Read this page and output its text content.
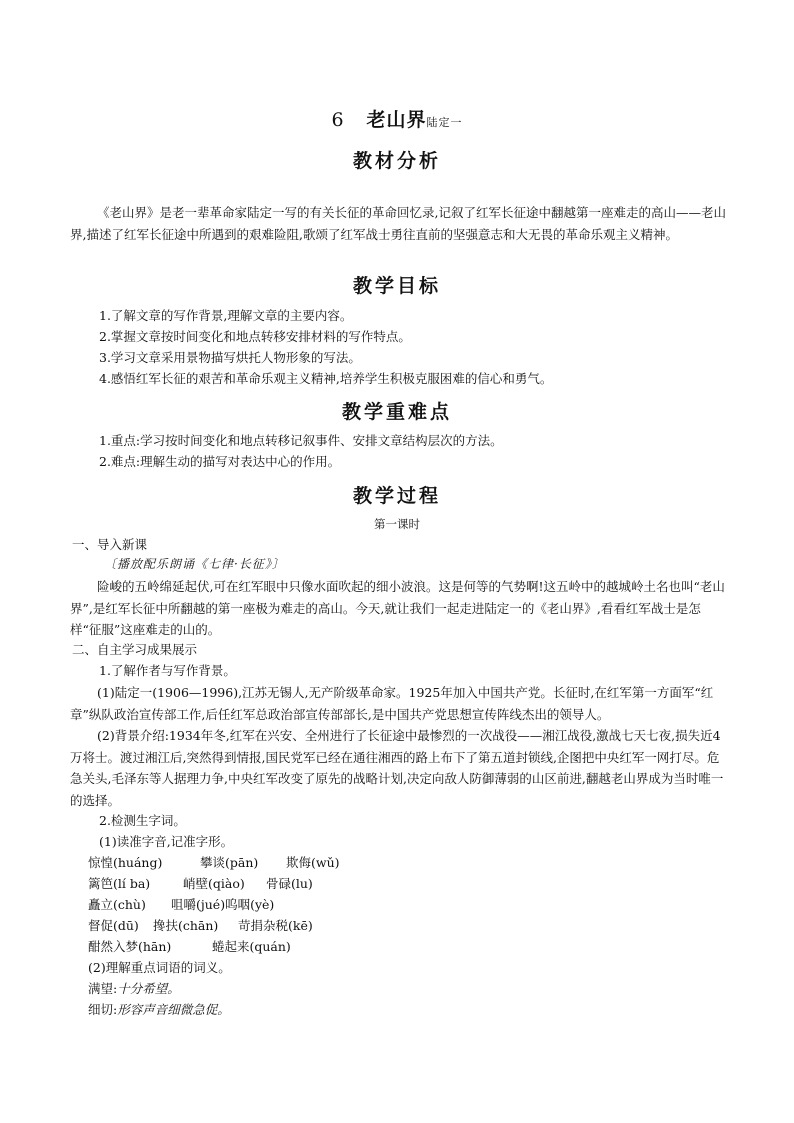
6 老山界陆定一
教材分析
《老山界》是老一辈革命家陆定一写的有关长征的革命回忆录,记叙了红军长征途中翻越第一座难走的高山——老山界,描述了红军长征途中所遇到的艰难险阻,歌颂了红军战士勇往直前的坚强意志和大无畏的革命乐观主义精神。
教学目标
1.了解文章的写作背景,理解文章的主要内容。
2.掌握文章按时间变化和地点转移安排材料的写作特点。
3.学习文章采用景物描写烘托人物形象的写法。
4.感悟红军长征的艰苦和革命乐观主义精神,培养学生积极克服困难的信心和勇气。
教学重难点
1.重点:学习按时间变化和地点转移记叙事件、安排文章结构层次的方法。
2.难点:理解生动的描写对表达中心的作用。
教学过程
第一课时
一、导入新课
〔播放配乐朗诵《七律·长征》〕
险峻的五岭绵延起伏,可在红军眼中只像水面吹起的细小波浪。这是何等的气势啊!这五岭中的越城岭土名也叫“老山界”,是红军长征中所翻越的第一座极为难走的高山。今天,就让我们一起走进陆定一的《老山界》,看看红军战士是怎样“征服”这座难走的山的。
二、自主学习成果展示
1.了解作者与写作背景。
(1)陆定一(1906—1996),江苏无锡人,无产阶级革命家。1925年加入中国共产党。长征时,在红军第一方面军“红章”纵队政治宣传部工作,后任红军总政治部宣传部部长,是中国共产党思想宣传阵线杰出的领导人。
(2)背景介绍:1934年冬,红军在兴安、全州进行了长征途中最惨烈的一次战役——湘江战役,激战七天七夜,损失近4万将士。渡过湘江后,突然得到情报,国民党军已经在通往湘西的路上布下了第五道封锁线,企图把中央红军一网打尽。危急关头,毛泽东等人据理力争,中央红军改变了原先的战略计划,决定向敌人防御薄弱的山区前进,翻越老山界成为当时唯一的选择。
2.检测生字词。
(1)读准字音,记准字形。
惊惶(huáng)	攀谈(pān) 欺侮(wǔ)
篱笆(lí ba)	峭壁(qiào) 骨碌(lu)
矗立(chù) 咀嚼(jué)呜咽(yè)
督促(dū) 搀扶(chān) 苛捐杂税(kē)
酣然入梦(hān)	蜷起来(quán)
(2)理解重点词语的词义。
满望:十分希望。
细切:形容声音细微急促。
